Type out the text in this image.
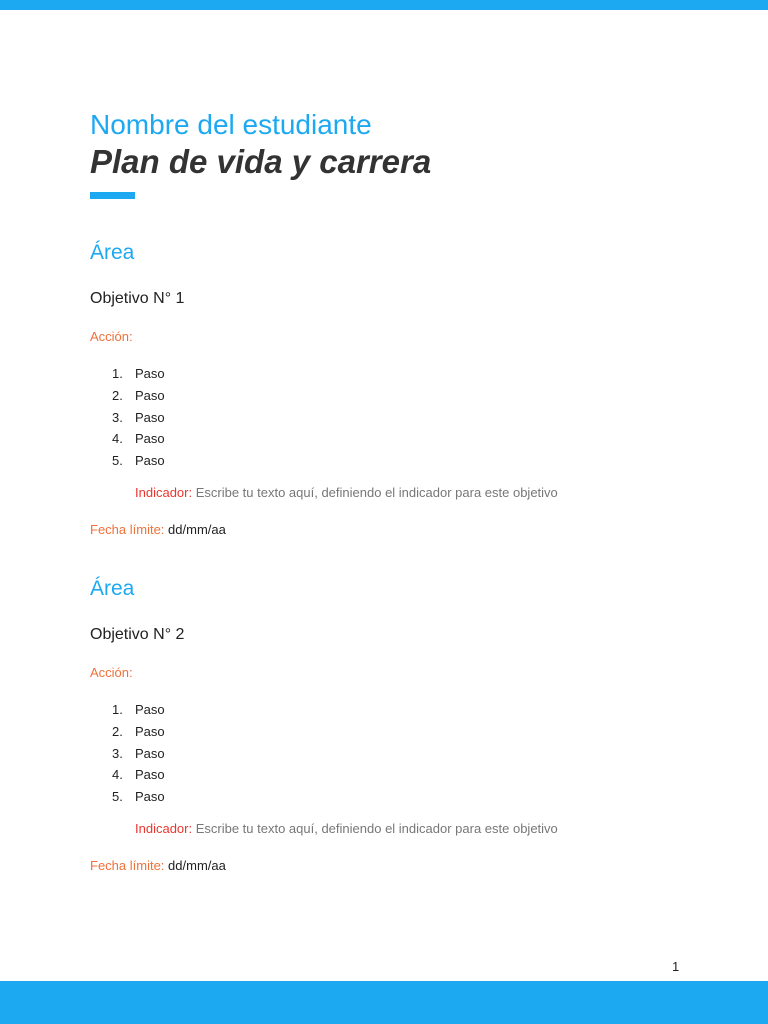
Nombre del estudiante
Plan de vida y carrera
Área

Objetivo N° 1

Acción:
1. Paso
2. Paso
3. Paso
4. Paso
5. Paso
Indicador: Escribe tu texto aquí, definiendo el indicador para este objetivo
Fecha límite: dd/mm/aa
Área

Objetivo N° 2

Acción:
1. Paso
2. Paso
3. Paso
4. Paso
5. Paso
Indicador: Escribe tu texto aquí, definiendo el indicador para este objetivo
Fecha límite: dd/mm/aa
1
